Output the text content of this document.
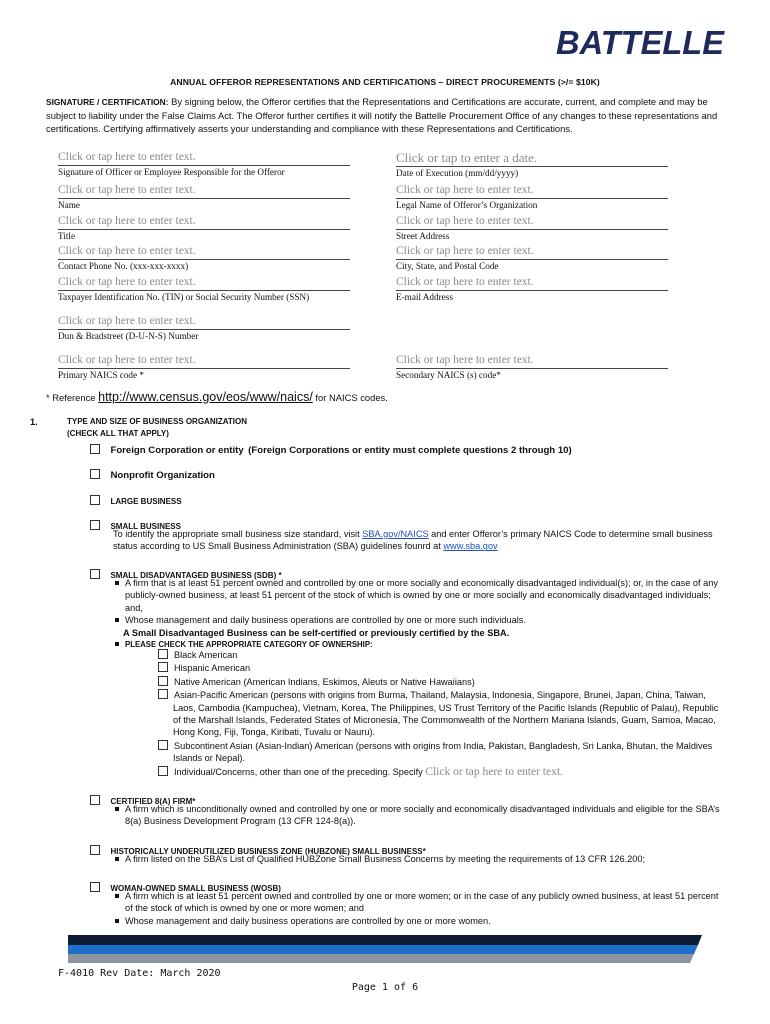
BATTELLE
ANNUAL OFFEROR REPRESENTATIONS AND CERTIFICATIONS – DIRECT PROCUREMENTS (>/= $10K)
SIGNATURE / CERTIFICATION: By signing below, the Offeror certifies that the Representations and Certifications are accurate, current, and complete and may be subject to liability under the False Claims Act. The Offeror further certifies it will notify the Battelle Procurement Office of any changes to these representations and certifications. Certifying affirmatively asserts your understanding and compliance with these Representations and Certifications.
Click or tap here to enter text.
Signature of Officer or Employee Responsible for the Offeror
Click or tap here to enter text.
Name
Click or tap here to enter text.
Title
Click or tap here to enter text.
Contact Phone No. (xxx-xxx-xxxx)
Click or tap here to enter text.
Taxpayer Identification No. (TIN) or Social Security Number (SSN)
Click or tap here to enter text.
Dun & Bradstreet (D-U-N-S) Number
Click or tap here to enter text.
Primary NAICS code *
Click or tap to enter a date.
Date of Execution (mm/dd/yyyy)
Click or tap here to enter text.
Legal Name of Offeror’s Organization
Click or tap here to enter text.
Street Address
Click or tap here to enter text.
City, State, and Postal Code
Click or tap here to enter text.
E-mail Address
Click or tap here to enter text.
Secondary NAICS (s) code*
* Reference http://www.census.gov/eos/www/naics/ for NAICS codes.
1.	TYPE AND SIZE OF BUSINESS ORGANIZATION
(CHECK ALL THAT APPLY)
Foreign Corporation or entity (Foreign Corporations or entity must complete questions 2 through 10)
Nonprofit Organization
LARGE BUSINESS
SMALL BUSINESS
To identify the appropriate small business size standard, visit SBA.gov/NAICS and enter Offeror’s primary NAICS Code to determine small business status according to US Small Business Administration (SBA) guidelines founrd at www.sba.gov
SMALL DISADVANTAGED BUSINESS (SDB) *
A firm that is at least 51 percent owned and controlled by one or more socially and economically disadvantaged individual(s); or, in the case of any publicly-owned business, at least 51 percent of the stock of which is owned by one or more socially and economically disadvantaged individuals; and,
Whose management and daily business operations are controlled by one or more such individuals.
A Small Disadvantaged Business can be self-certified or previously certified by the SBA.
PLEASE CHECK THE APPROPRIATE CATEGORY OF OWNERSHIP:
Black American
Hispanic American
Native American (American Indians, Eskimos, Aleuts or Native Hawaiians)
Asian-Pacific American (persons with origins from Burma, Thailand, Malaysia, Indonesia, Singapore, Brunei, Japan, China, Taiwan, Laos, Cambodia (Kampuchea), Vietnam, Korea, The Philippines, US Trust Territory of the Pacific Islands (Republic of Palau), Republic of the Marshall Islands, Federated States of Micronesia, The Commonwealth of the Northern Mariana Islands, Guam, Samoa, Macao, Hong Kong, Fiji, Tonga, Kiribati, Tuvalu or Nauru).
Subcontinent Asian (Asian-Indian) American (persons with origins from India, Pakistan, Bangladesh, Sri Lanka, Bhutan, the Maldives Islands or Nepal).
Individual/Concerns, other than one of the preceding. Specify Click or tap here to enter text.
CERTIFIED 8(A) FIRM*
A firm which is unconditionally owned and controlled by one or more socially and economically disadvantaged individuals and eligible for the SBA’s 8(a) Business Development Program (13 CFR 124-8(a)).
HISTORICALLY UNDERUTILIZED BUSINESS ZONE (HUBZONE) SMALL BUSINESS*
A firm listed on the SBA’s List of Qualified HUBZone Small Business Concerns by meeting the requirements of 13 CFR 126.200;
WOMAN-OWNED SMALL BUSINESS (WOSB)
A firm which is at least 51 percent owned and controlled by one or more women; or in the case of any publicly owned business, at least 51 percent of the stock of which is owned by one or more women; and
Whose management and daily business operations are controlled by one or more women.
F-4010 Rev Date: March 2020
Page 1 of 6
